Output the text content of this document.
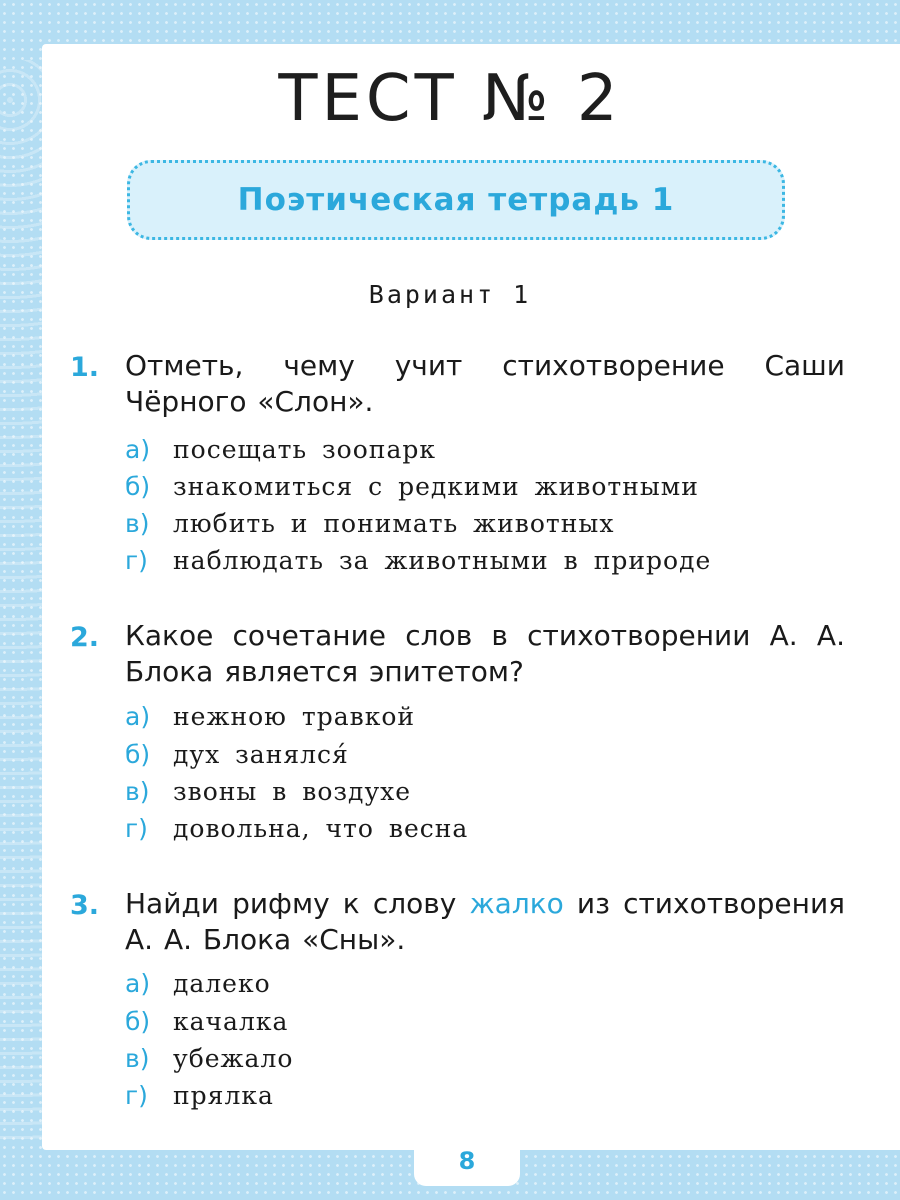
ТЕСТ № 2
Поэтическая тетрадь 1
Вариант 1
1. Отметь, чему учит стихотворение Саши Чёрного «Слон».
а) посещать зоопарк
б) знакомиться с редкими животными
в) любить и понимать животных
г) наблюдать за животными в природе
2. Какое сочетание слов в стихотворении А. А. Блока является эпитетом?
а) нежною травкой
б) дух занялся́
в) звоны в воздухе
г) довольна, что весна
3. Найди рифму к слову жалко из стихотворения А. А. Блока «Сны».
а) далеко
б) качалка
в) убежало
г) прялка
8
